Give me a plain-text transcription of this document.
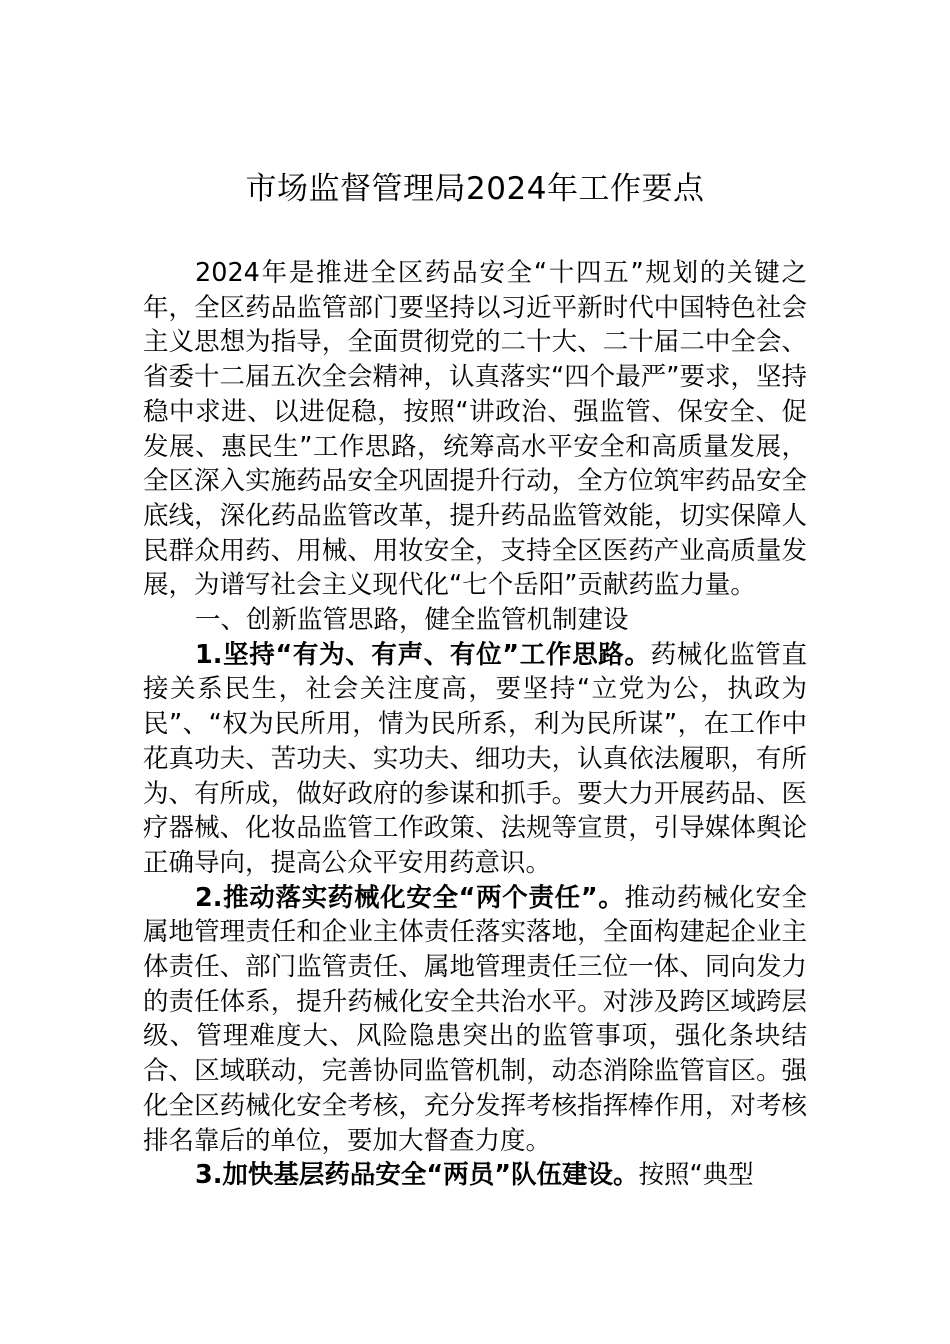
市场监督管理局2024年工作要点

2024年是推进全区药品安全“十四五”规划的关键之年，全区药品监管部门要坚持以习近平新时代中国特色社会主义思想为指导，全面贯彻党的二十大、二十届二中全会、省委十二届五次全会精神，认真落实“四个最严”要求，坚持稳中求进、以进促稳，按照“讲政治、强监管、保安全、促发展、惠民生”工作思路，统筹高水平安全和高质量发展，全区深入实施药品安全巩固提升行动，全方位筑牢药品安全底线，深化药品监管改革，提升药品监管效能，切实保障人民群众用药、用械、用妆安全，支持全区医药产业高质量发展，为谱写社会主义现代化“七个岳阳”贡献药监力量。

一、创新监管思路，健全监管机制建设

1.坚持“有为、有声、有位”工作思路。药械化监管直接关系民生，社会关注度高，要坚持“立党为公，执政为民”、“权为民所用，情为民所系，利为民所谋”，在工作中花真功夫、苦功夫、实功夫、细功夫，认真依法履职，有所为、有所成，做好政府的参谋和抓手。要大力开展药品、医疗器械、化妆品监管工作政策、法规等宣贯，引导媒体舆论正确导向，提高公众平安用药意识。

2.推动落实药械化安全“两个责任”。推动药械化安全属地管理责任和企业主体责任落实落地，全面构建起企业主体责任、部门监管责任、属地管理责任三位一体、同向发力的责任体系，提升药械化安全共治水平。对涉及跨区域跨层级、管理难度大、风险隐患突出的监管事项，强化条块结合、区域联动，完善协同监管机制，动态消除监管盲区。强化全区药械化安全考核，充分发挥考核指挥棒作用，对考核排名靠后的单位，要加大督查力度。

3.加快基层药品安全“两员”队伍建设。按照“典型
